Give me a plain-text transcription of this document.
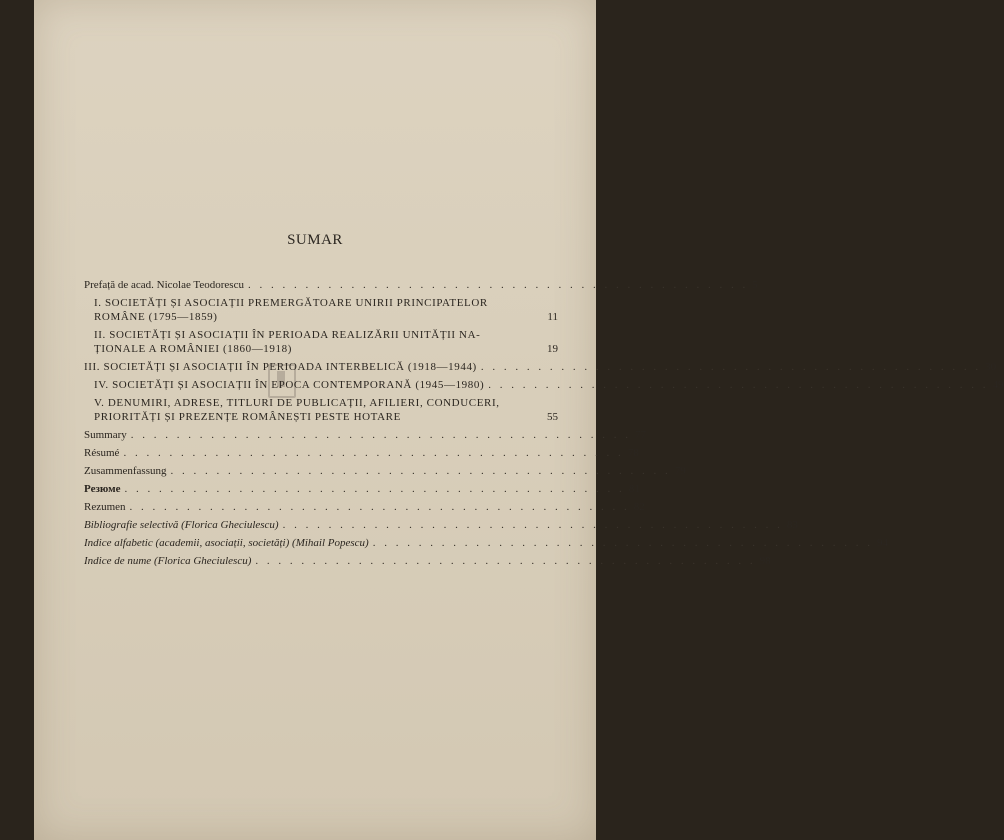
SUMAR
Prefață de acad. Nicolae Teodorescu . . . . . . . . . . . . . . . . . . . . . . . . . . . . . . . . . . . . . . . . . . . . 5
I. SOCIETĂȚI ȘI ASOCIAȚII PREMERGĂTOARE UNIRII PRINCIPATELOR
ROMÂNE (1795—1859)	11
II. SOCIETĂȚI ȘI ASOCIAȚII ÎN PERIOADA REALIZĂRII UNITĂȚII NA-
ȚIONALE A ROMÂNIEI (1860—1918)	19
III. SOCIETĂȚI ȘI ASOCIAȚII ÎN PERIOADA INTERBELICĂ (1918—1944) . . . . . . . . . . . . . . . . . . . . . . . . . . . . . . . . . . . . . . . . . . . . 30
IV. SOCIETĂȚI ȘI ASOCIAȚII ÎN EPOCA CONTEMPORANĂ (1945—1980) . . . . . . . . . . . . . . . . . . . . . . . . . . . . . . . . . . . . . . . . . . . . 49
V. DENUMIRI, ADRESE, TITLURI DE PUBLICAȚII, AFILIERI, CONDUCERI,
PRIORITĂȚI ȘI PREZENȚE ROMÂNEȘTI PESTE HOTARE	55
Summary . . . . . . . . . . . . . . . . . . . . . . . . . . . . . . . . . . . . . . . . . . . . 77
Résumé . . . . . . . . . . . . . . . . . . . . . . . . . . . . . . . . . . . . . . . . . . . . 78
Zusammenfassung . . . . . . . . . . . . . . . . . . . . . . . . . . . . . . . . . . . . . . . . . . . . 79
Резюме . . . . . . . . . . . . . . . . . . . . . . . . . . . . . . . . . . . . . . . . . . . . 81
Rezumen . . . . . . . . . . . . . . . . . . . . . . . . . . . . . . . . . . . . . . . . . . . . 82
Bibliografie selectivă (Florica Gheciulescu) . . . . . . . . . . . . . . . . . . . . . . . . . . . . . . . . . . . . . . . . . . . . 83
Indice alfabetic (academii, asociații, societăți) (Mihail Popescu) . . . . . . . . . . . . . . . . . . . . . . . . . . . . . . . . . . . . . . . . . . . . 94
Indice de nume (Florica Gheciulescu) . . . . . . . . . . . . . . . . . . . . . . . . . . . . . . . . . . . . . . . . . . . . 98
